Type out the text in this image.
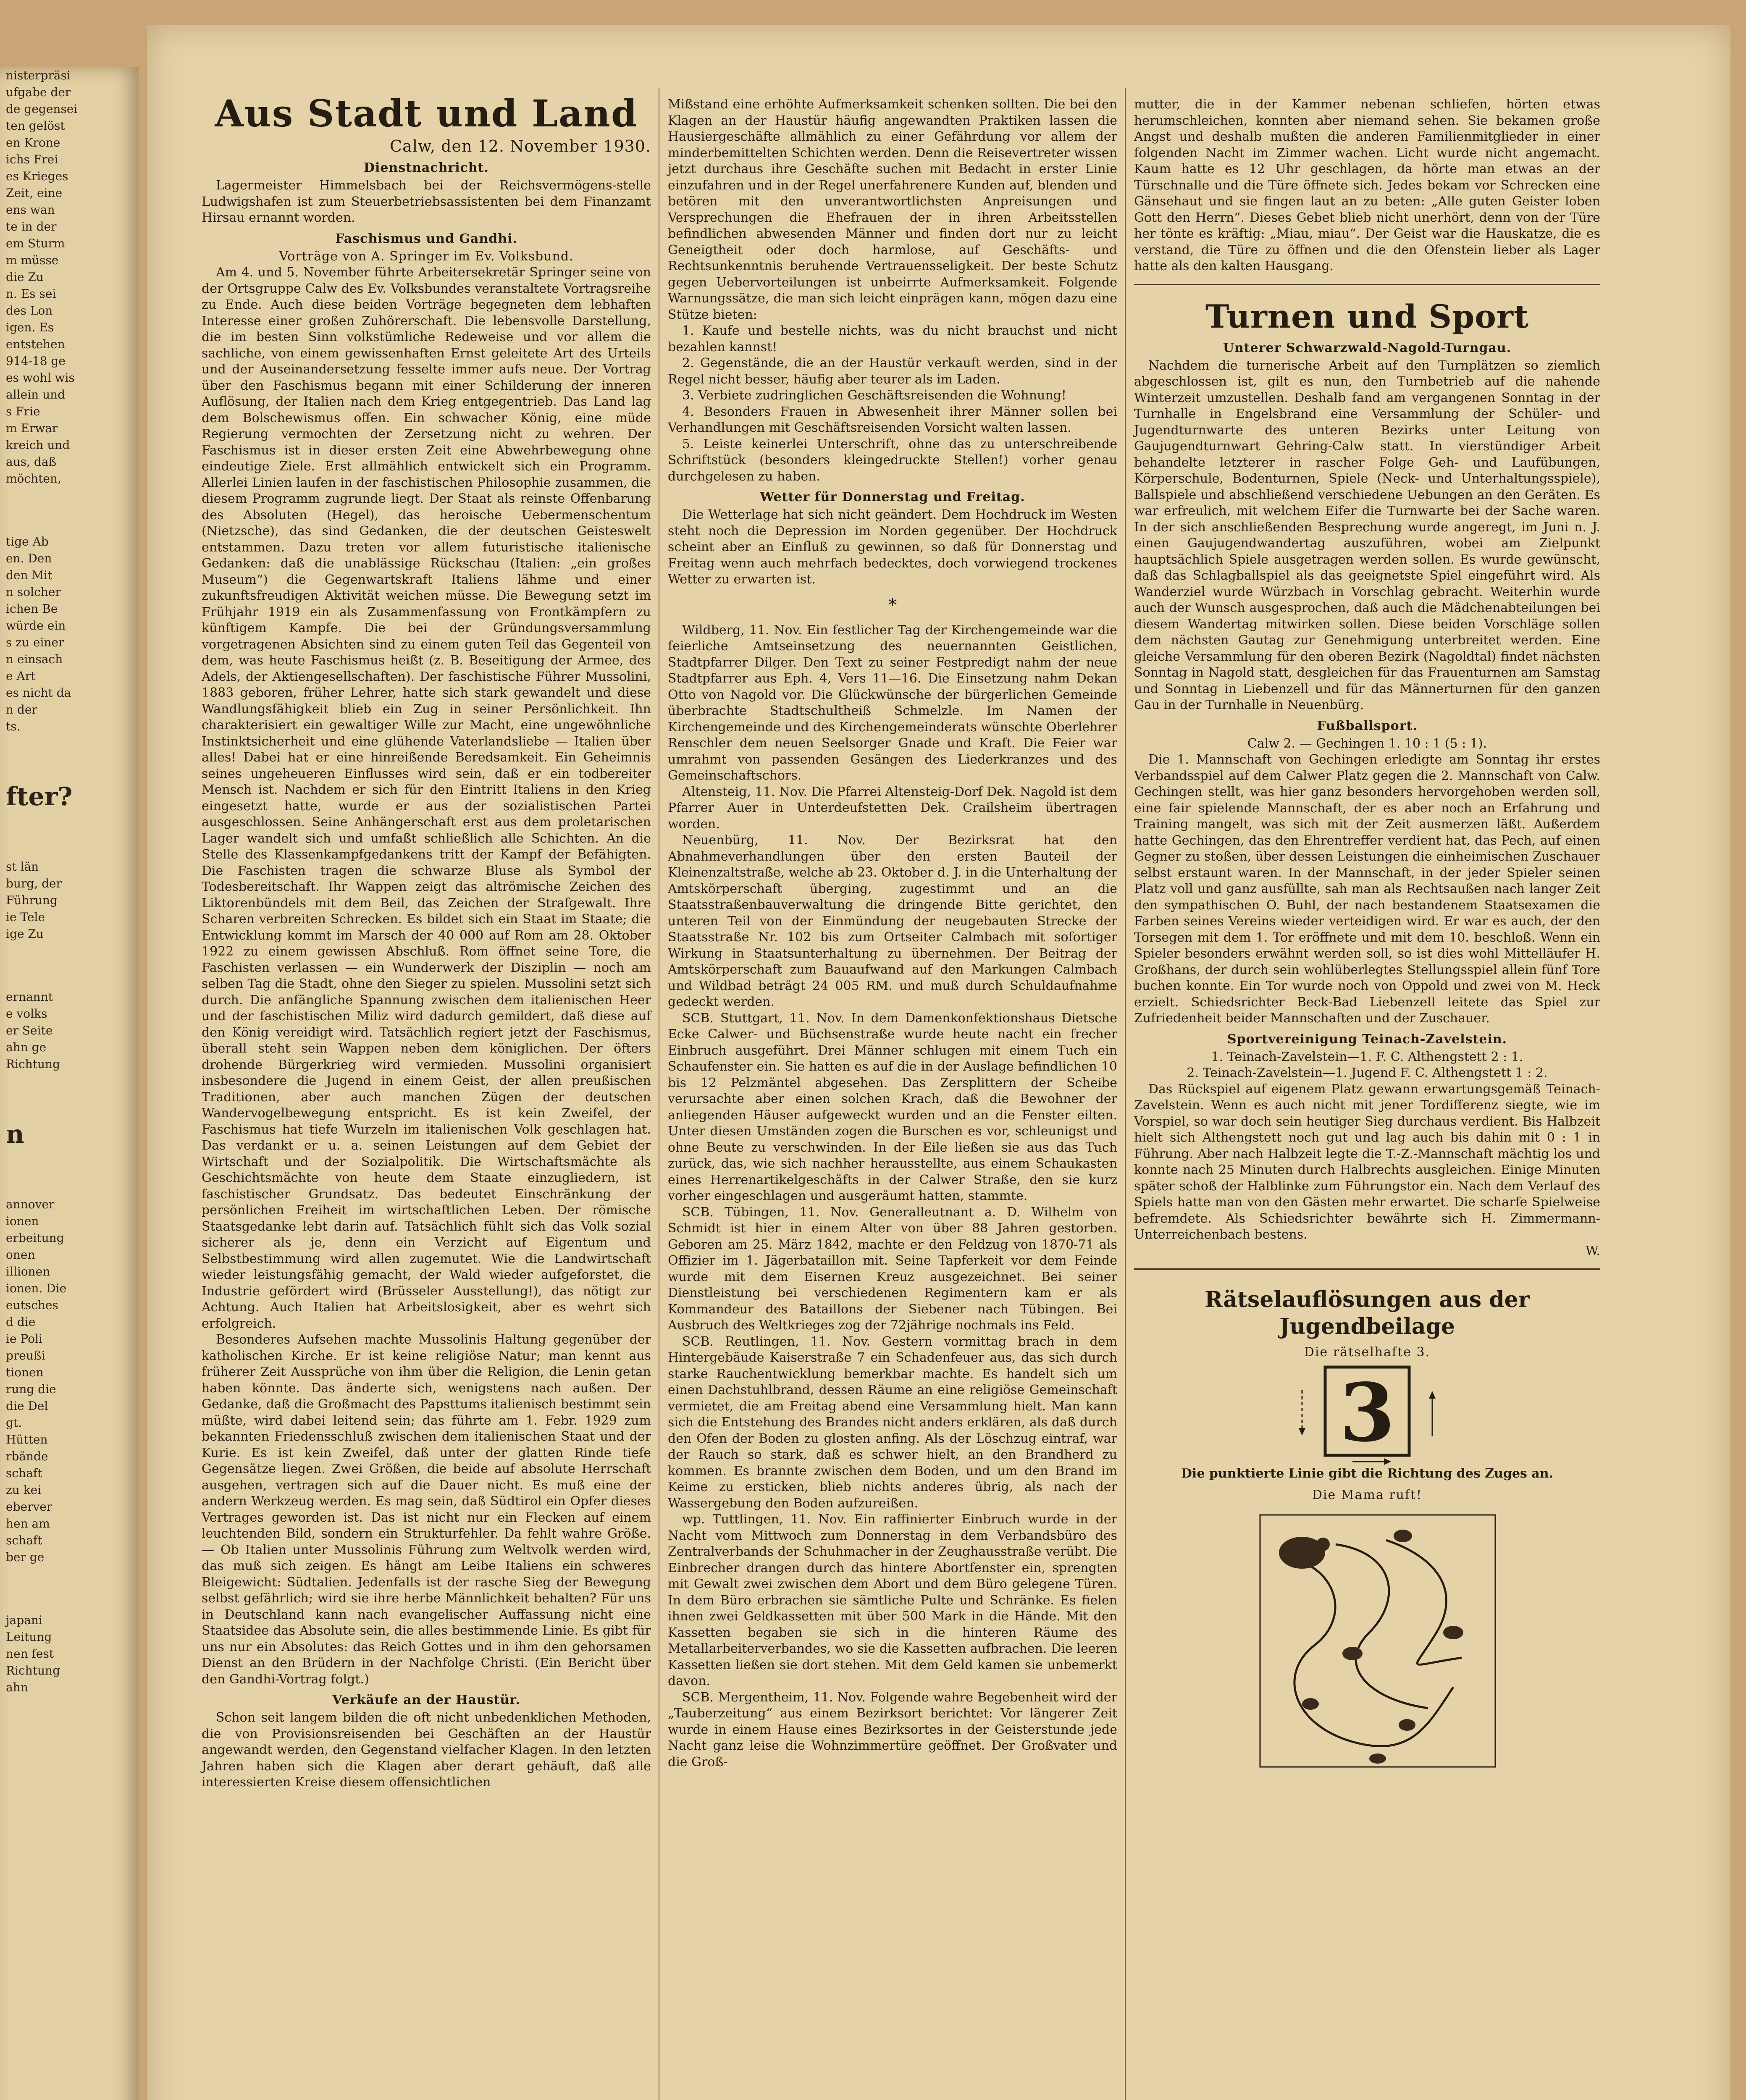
nisterpräsi
ufgabe der
de gegensei
ten gelöst
en Krone
ichs Frei
es Krieges
Zeit, eine
ens wan
te in der
em Sturm
m müsse
die Zu
n. Es sei
des Lon
igen. Es
entstehen
914-18 ge
es wohl wis
allein und
s Frie
m Erwar
kreich und
aus, daß
möchten,
tige Ab
en. Den
den Mit
n solcher
ichen Be
würde ein
s zu einer
n einsach
e Art
es nicht da
n der
ts.
fter?
st län
burg, der
Führung
ie Tele
ige Zu
ernannt
e volks
er Seite
ahn ge
Richtung
n
annover
ionen
erbeitung
onen
illionen
ionen. Die
eutsches
d die
ie Poli
preußi
tionen
rung die
die Del
gt.
Hütten
rbände
schaft
zu kei
eberver
hen am
schaft
ber ge
japani
Leitung
nen fest
Richtung
ahn
Aus Stadt und Land
Calw, den 12. November 1930.
Dienstnachricht.

Lagermeister Himmelsbach bei der Reichsvermögens-stelle Ludwigshafen ist zum Steuerbetriebsassistenten bei dem Finanzamt Hirsau ernannt worden.

Faschismus und Gandhi.

Vorträge von A. Springer im Ev. Volksbund.

Am 4. und 5. November führte Arbeitersekretär Springer seine von der Ortsgruppe Calw des Ev. Volksbundes veranstaltete Vortragsreihe zu Ende. Auch diese beiden Vorträge begegneten dem lebhaften Interesse einer großen Zuhörerschaft. Die lebensvolle Darstellung, die im besten Sinn volkstümliche Redeweise und vor allem die sachliche, von einem gewissenhaften Ernst geleitete Art des Urteils und der Auseinandersetzung fesselte immer aufs neue. Der Vortrag über den Faschismus begann mit einer Schilderung der inneren Auflösung, der Italien nach dem Krieg entgegentrieb. Das Land lag dem Bolschewismus offen. Ein schwacher König, eine müde Regierung vermochten der Zersetzung nicht zu wehren. Der Faschismus ist in dieser ersten Zeit eine Abwehrbewegung ohne eindeutige Ziele. Erst allmählich entwickelt sich ein Programm. Allerlei Linien laufen in der faschistischen Philosophie zusammen, die diesem Programm zugrunde liegt. Der Staat als reinste Offenbarung des Absoluten (Hegel), das heroische Uebermenschentum (Nietzsche), das sind Gedanken, die der deutschen Geisteswelt entstammen. Dazu treten vor allem futuristische italienische Gedanken: daß die unablässige Rückschau (Italien: „ein großes Museum“) die Gegenwartskraft Italiens lähme und einer zukunftsfreudigen Aktivität weichen müsse. Die Bewegung setzt im Frühjahr 1919 ein als Zusammenfassung von Frontkämpfern zu künftigem Kampfe. Die bei der Gründungsversammlung vorgetragenen Absichten sind zu einem guten Teil das Gegenteil von dem, was heute Faschismus heißt (z. B. Beseitigung der Armee, des Adels, der Aktiengesellschaften). Der faschistische Führer Mussolini, 1883 geboren, früher Lehrer, hatte sich stark gewandelt und diese Wandlungsfähigkeit blieb ein Zug in seiner Persönlichkeit. Ihn charakterisiert ein gewaltiger Wille zur Macht, eine ungewöhnliche Instinktsicherheit und eine glühende Vaterlandsliebe — Italien über alles! Dabei hat er eine hinreißende Beredsamkeit. Ein Geheimnis seines ungeheueren Einflusses wird sein, daß er ein todbereiter Mensch ist. Nachdem er sich für den Eintritt Italiens in den Krieg eingesetzt hatte, wurde er aus der sozialistischen Partei ausgeschlossen. Seine Anhängerschaft erst aus dem proletarischen Lager wandelt sich und umfaßt schließlich alle Schichten. An die Stelle des Klassenkampfgedankens tritt der Kampf der Befähigten. Die Faschisten tragen die schwarze Bluse als Symbol der Todesbereitschaft. Ihr Wappen zeigt das altrömische Zeichen des Liktorenbündels mit dem Beil, das Zeichen der Strafgewalt. Ihre Scharen verbreiten Schrecken. Es bildet sich ein Staat im Staate; die Entwicklung kommt im Marsch der 40 000 auf Rom am 28. Oktober 1922 zu einem gewissen Abschluß. Rom öffnet seine Tore, die Faschisten verlassen — ein Wunderwerk der Disziplin — noch am selben Tag die Stadt, ohne den Sieger zu spielen. Mussolini setzt sich durch. Die anfängliche Spannung zwischen dem italienischen Heer und der faschistischen Miliz wird dadurch gemildert, daß diese auf den König vereidigt wird. Tatsächlich regiert jetzt der Faschismus, überall steht sein Wappen neben dem königlichen. Der öfters drohende Bürgerkrieg wird vermieden. Mussolini organisiert insbesondere die Jugend in einem Geist, der allen preußischen Traditionen, aber auch manchen Zügen der deutschen Wandervogelbewegung entspricht. Es ist kein Zweifel, der Faschismus hat tiefe Wurzeln im italienischen Volk geschlagen hat. Das verdankt er u. a. seinen Leistungen auf dem Gebiet der Wirtschaft und der Sozialpolitik. Die Wirtschaftsmächte als Geschichtsmächte von heute dem Staate einzugliedern, ist faschistischer Grundsatz. Das bedeutet Einschränkung der persönlichen Freiheit im wirtschaftlichen Leben. Der römische Staatsgedanke lebt darin auf. Tatsächlich fühlt sich das Volk sozial sicherer als je, denn ein Verzicht auf Eigentum und Selbstbestimmung wird allen zugemutet. Wie die Landwirtschaft wieder leistungsfähig gemacht, der Wald wieder aufgeforstet, die Industrie gefördert wird (Brüsseler Ausstellung!), das nötigt zur Achtung. Auch Italien hat Arbeitslosigkeit, aber es wehrt sich erfolgreich.

Besonderes Aufsehen machte Mussolinis Haltung gegenüber der katholischen Kirche. Er ist keine religiöse Natur; man kennt aus früherer Zeit Aussprüche von ihm über die Religion, die Lenin getan haben könnte. Das änderte sich, wenigstens nach außen. Der Gedanke, daß die Großmacht des Papsttums italienisch bestimmt sein müßte, wird dabei leitend sein; das führte am 1. Febr. 1929 zum bekannten Friedensschluß zwischen dem italienischen Staat und der Kurie. Es ist kein Zweifel, daß unter der glatten Rinde tiefe Gegensätze liegen. Zwei Größen, die beide auf absolute Herrschaft ausgehen, vertragen sich auf die Dauer nicht. Es muß eine der andern Werkzeug werden. Es mag sein, daß Südtirol ein Opfer dieses Vertrages geworden ist. Das ist nicht nur ein Flecken auf einem leuchtenden Bild, sondern ein Strukturfehler. Da fehlt wahre Größe. — Ob Italien unter Mussolinis Führung zum Weltvolk werden wird, das muß sich zeigen. Es hängt am Leibe Italiens ein schweres Bleigewicht: Südtalien. Jedenfalls ist der rasche Sieg der Bewegung selbst gefährlich; wird sie ihre herbe Männlichkeit behalten? Für uns in Deutschland kann nach evangelischer Auffassung nicht eine Staatsidee das Absolute sein, die alles bestimmende Linie. Es gibt für uns nur ein Absolutes: das Reich Gottes und in ihm den gehorsamen Dienst an den Brüdern in der Nachfolge Christi. (Ein Bericht über den Gandhi-Vortrag folgt.)

Verkäufe an der Haustür.

Schon seit langem bilden die oft nicht unbedenklichen Methoden, die von Provisionsreisenden bei Geschäften an der Haustür angewandt werden, den Gegenstand vielfacher Klagen. In den letzten Jahren haben sich die Klagen aber derart gehäuft, daß alle interessierten Kreise diesem offensichtlichen

Mißstand eine erhöhte Aufmerksamkeit schenken sollten. Die bei den Klagen an der Haustür häufig angewandten Praktiken lassen die Hausiergeschäfte allmählich zu einer Gefährdung vor allem der minderbemittelten Schichten werden. Denn die Reisevertreter wissen jetzt durchaus ihre Geschäfte suchen mit Bedacht in erster Linie einzufahren und in der Regel unerfahrenere Kunden auf, blenden und betören mit den unverantwortlichsten Anpreisungen und Versprechungen die Ehefrauen der in ihren Arbeitsstellen befindlichen abwesenden Männer und finden dort nur zu leicht Geneigtheit oder doch harmlose, auf Geschäfts- und Rechtsunkenntnis beruhende Vertrauensseligkeit. Der beste Schutz gegen Uebervorteilungen ist unbeirrte Aufmerksamkeit. Folgende Warnungssätze, die man sich leicht einprägen kann, mögen dazu eine Stütze bieten:

1. Kaufe und bestelle nichts, was du nicht brauchst und nicht bezahlen kannst!

2. Gegenstände, die an der Haustür verkauft werden, sind in der Regel nicht besser, häufig aber teurer als im Laden.

3. Verbiete zudringlichen Geschäftsreisenden die Wohnung!

4. Besonders Frauen in Abwesenheit ihrer Männer sollen bei Verhandlungen mit Geschäftsreisenden Vorsicht walten lassen.

5. Leiste keinerlei Unterschrift, ohne das zu unterschreibende Schriftstück (besonders kleingedruckte Stellen!) vorher genau durchgelesen zu haben.

Wetter für Donnerstag und Freitag.

Die Wetterlage hat sich nicht geändert. Dem Hochdruck im Westen steht noch die Depression im Norden gegenüber. Der Hochdruck scheint aber an Einfluß zu gewinnen, so daß für Donnerstag und Freitag wenn auch mehrfach bedecktes, doch vorwiegend trockenes Wetter zu erwarten ist.

*

Wildberg, 11. Nov. Ein festlicher Tag der Kirchengemeinde war die feierliche Amtseinsetzung des neuernannten Geistlichen, Stadtpfarrer Dilger. Den Text zu seiner Festpredigt nahm der neue Stadtpfarrer aus Eph. 4, Vers 11—16. Die Einsetzung nahm Dekan Otto von Nagold vor. Die Glückwünsche der bürgerlichen Gemeinde überbrachte Stadtschultheiß Schmelzle. Im Namen der Kirchengemeinde und des Kirchengemeinderats wünschte Oberlehrer Renschler dem neuen Seelsorger Gnade und Kraft. Die Feier war umrahmt von passenden Gesängen des Liederkranzes und des Gemeinschaftschors.

Altensteig, 11. Nov. Die Pfarrei Altensteig-Dorf Dek. Nagold ist dem Pfarrer Auer in Unterdeufstetten Dek. Crailsheim übertragen worden.

Neuenbürg, 11. Nov. Der Bezirksrat hat den Abnahmeverhandlungen über den ersten Bauteil der Kleinenzaltstraße, welche ab 23. Oktober d. J. in die Unterhaltung der Amtskörperschaft überging, zugestimmt und an die Staatsstraßenbauverwaltung die dringende Bitte gerichtet, den unteren Teil von der Einmündung der neugebauten Strecke der Staatsstraße Nr. 102 bis zum Ortseiter Calmbach mit sofortiger Wirkung in Staatsunterhaltung zu übernehmen. Der Beitrag der Amtskörperschaft zum Bauaufwand auf den Markungen Calmbach und Wildbad beträgt 24 005 RM. und muß durch Schuldaufnahme gedeckt werden.

SCB. Stuttgart, 11. Nov. In dem Damenkonfektionshaus Dietsche Ecke Calwer- und Büchsenstraße wurde heute nacht ein frecher Einbruch ausgeführt. Drei Männer schlugen mit einem Tuch ein Schaufenster ein. Sie hatten es auf die in der Auslage befindlichen 10 bis 12 Pelzmäntel abgesehen. Das Zersplittern der Scheibe verursachte aber einen solchen Krach, daß die Bewohner der anliegenden Häuser aufgeweckt wurden und an die Fenster eilten. Unter diesen Umständen zogen die Burschen es vor, schleunigst und ohne Beute zu verschwinden. In der Eile ließen sie aus das Tuch zurück, das, wie sich nachher herausstellte, aus einem Schaukasten eines Herrenartikelgeschäfts in der Calwer Straße, den sie kurz vorher eingeschlagen und ausgeräumt hatten, stammte.

SCB. Tübingen, 11. Nov. Generalleutnant a. D. Wilhelm von Schmidt ist hier in einem Alter von über 88 Jahren gestorben. Geboren am 25. März 1842, machte er den Feldzug von 1870-71 als Offizier im 1. Jägerbataillon mit. Seine Tapferkeit vor dem Feinde wurde mit dem Eisernen Kreuz ausgezeichnet. Bei seiner Dienstleistung bei verschiedenen Regimentern kam er als Kommandeur des Bataillons der Siebener nach Tübingen. Bei Ausbruch des Weltkrieges zog der 72jährige nochmals ins Feld.

SCB. Reutlingen, 11. Nov. Gestern vormittag brach in dem Hintergebäude Kaiserstraße 7 ein Schadenfeuer aus, das sich durch starke Rauchentwicklung bemerkbar machte. Es handelt sich um einen Dachstuhlbrand, dessen Räume an eine religiöse Gemeinschaft vermietet, die am Freitag abend eine Versammlung hielt. Man kann sich die Entstehung des Brandes nicht anders erklären, als daß durch den Ofen der Boden zu glosten anfing. Als der Löschzug eintraf, war der Rauch so stark, daß es schwer hielt, an den Brandherd zu kommen. Es brannte zwischen dem Boden, und um den Brand im Keime zu ersticken, blieb nichts anderes übrig, als nach der Wassergebung den Boden aufzureißen.

wp. Tuttlingen, 11. Nov. Ein raffinierter Einbruch wurde in der Nacht vom Mittwoch zum Donnerstag in dem Verbandsbüro des Zentralverbands der Schuhmacher in der Zeughausstraße verübt. Die Einbrecher drangen durch das hintere Abortfenster ein, sprengten mit Gewalt zwei zwischen dem Abort und dem Büro gelegene Türen. In dem Büro erbrachen sie sämtliche Pulte und Schränke. Es fielen ihnen zwei Geldkassetten mit über 500 Mark in die Hände. Mit den Kassetten begaben sie sich in die hinteren Räume des Metallarbeiterverbandes, wo sie die Kassetten aufbrachen. Die leeren Kassetten ließen sie dort stehen. Mit dem Geld kamen sie unbemerkt davon.

SCB. Mergentheim, 11. Nov. Folgende wahre Begebenheit wird der „Tauberzeitung“ aus einem Bezirksort berichtet: Vor längerer Zeit wurde in einem Hause eines Bezirksortes in der Geisterstunde jede Nacht ganz leise die Wohnzimmertüre geöffnet. Der Großvater und die Groß-

mutter, die in der Kammer nebenan schliefen, hörten etwas herumschleichen, konnten aber niemand sehen. Sie bekamen große Angst und deshalb mußten die anderen Familienmitglieder in einer folgenden Nacht im Zimmer wachen. Licht wurde nicht angemacht. Kaum hatte es 12 Uhr geschlagen, da hörte man etwas an der Türschnalle und die Türe öffnete sich. Jedes bekam vor Schrecken eine Gänsehaut und sie fingen laut an zu beten: „Alle guten Geister loben Gott den Herrn“. Dieses Gebet blieb nicht unerhört, denn von der Türe her tönte es kräftig: „Miau, miau“. Der Geist war die Hauskatze, die es verstand, die Türe zu öffnen und die den Ofenstein lieber als Lager hatte als den kalten Hausgang.

Turnen und Sport
Unterer Schwarzwald-Nagold-Turngau.

Nachdem die turnerische Arbeit auf den Turnplätzen so ziemlich abgeschlossen ist, gilt es nun, den Turnbetrieb auf die nahende Winterzeit umzustellen. Deshalb fand am vergangenen Sonntag in der Turnhalle in Engelsbrand eine Versammlung der Schüler- und Jugendturnwarte des unteren Bezirks unter Leitung von Gaujugendturnwart Gehring-Calw statt. In vierstündiger Arbeit behandelte letzterer in rascher Folge Geh- und Laufübungen, Körperschule, Bodenturnen, Spiele (Neck- und Unterhaltungsspiele), Ballspiele und abschließend verschiedene Uebungen an den Geräten. Es war erfreulich, mit welchem Eifer die Turnwarte bei der Sache waren. In der sich anschließenden Besprechung wurde angeregt, im Juni n. J. einen Gaujugendwandertag auszuführen, wobei am Zielpunkt hauptsächlich Spiele ausgetragen werden sollen. Es wurde gewünscht, daß das Schlagballspiel als das geeignetste Spiel eingeführt wird. Als Wanderziel wurde Würzbach in Vorschlag gebracht. Weiterhin wurde auch der Wunsch ausgesprochen, daß auch die Mädchenabteilungen bei diesem Wandertag mitwirken sollen. Diese beiden Vorschläge sollen dem nächsten Gautag zur Genehmigung unterbreitet werden. Eine gleiche Versammlung für den oberen Bezirk (Nagoldtal) findet nächsten Sonntag in Nagold statt, desgleichen für das Frauenturnen am Samstag und Sonntag in Liebenzell und für das Männerturnen für den ganzen Gau in der Turnhalle in Neuenbürg.

Fußballsport.

Calw 2. — Gechingen 1. 10 : 1 (5 : 1).

Die 1. Mannschaft von Gechingen erledigte am Sonntag ihr erstes Verbandsspiel auf dem Calwer Platz gegen die 2. Mannschaft von Calw. Gechingen stellt, was hier ganz besonders hervorgehoben werden soll, eine fair spielende Mannschaft, der es aber noch an Erfahrung und Training mangelt, was sich mit der Zeit ausmerzen läßt. Außerdem hatte Gechingen, das den Ehrentreffer verdient hat, das Pech, auf einen Gegner zu stoßen, über dessen Leistungen die einheimischen Zuschauer selbst erstaunt waren. In der Mannschaft, in der jeder Spieler seinen Platz voll und ganz ausfüllte, sah man als Rechtsaußen nach langer Zeit den sympathischen O. Buhl, der nach bestandenem Staatsexamen die Farben seines Vereins wieder verteidigen wird. Er war es auch, der den Torsegen mit dem 1. Tor eröffnete und mit dem 10. beschloß. Wenn ein Spieler besonders erwähnt werden soll, so ist dies wohl Mittelläufer H. Großhans, der durch sein wohlüberlegtes Stellungsspiel allein fünf Tore buchen konnte. Ein Tor wurde noch von Oppold und zwei von M. Heck erzielt. Schiedsrichter Beck-Bad Liebenzell leitete das Spiel zur Zufriedenheit beider Mannschaften und der Zuschauer.

Sportvereinigung Teinach-Zavelstein.

1. Teinach-Zavelstein—1. F. C. Althengstett 2 : 1.

2. Teinach-Zavelstein—1. Jugend F. C. Althengstett 1 : 2.

Das Rückspiel auf eigenem Platz gewann erwartungsgemäß Teinach-Zavelstein. Wenn es auch nicht mit jener Tordifferenz siegte, wie im Vorspiel, so war doch sein heutiger Sieg durchaus verdient. Bis Halbzeit hielt sich Althengstett noch gut und lag auch bis dahin mit 0 : 1 in Führung. Aber nach Halbzeit legte die T.-Z.-Mannschaft mächtig los und konnte nach 25 Minuten durch Halbrechts ausgleichen. Einige Minuten später schoß der Halblinke zum Führungstor ein. Nach dem Verlauf des Spiels hatte man von den Gästen mehr erwartet. Die scharfe Spielweise befremdete. Als Schiedsrichter bewährte sich H. Zimmermann-Unterreichenbach bestens.

W.

Rätselauflösungen aus der Jugendbeilage

Die rätselhafte 3.

3

Die punktierte Linie gibt die Richtung des Zuges an.

Die Mama ruft!
